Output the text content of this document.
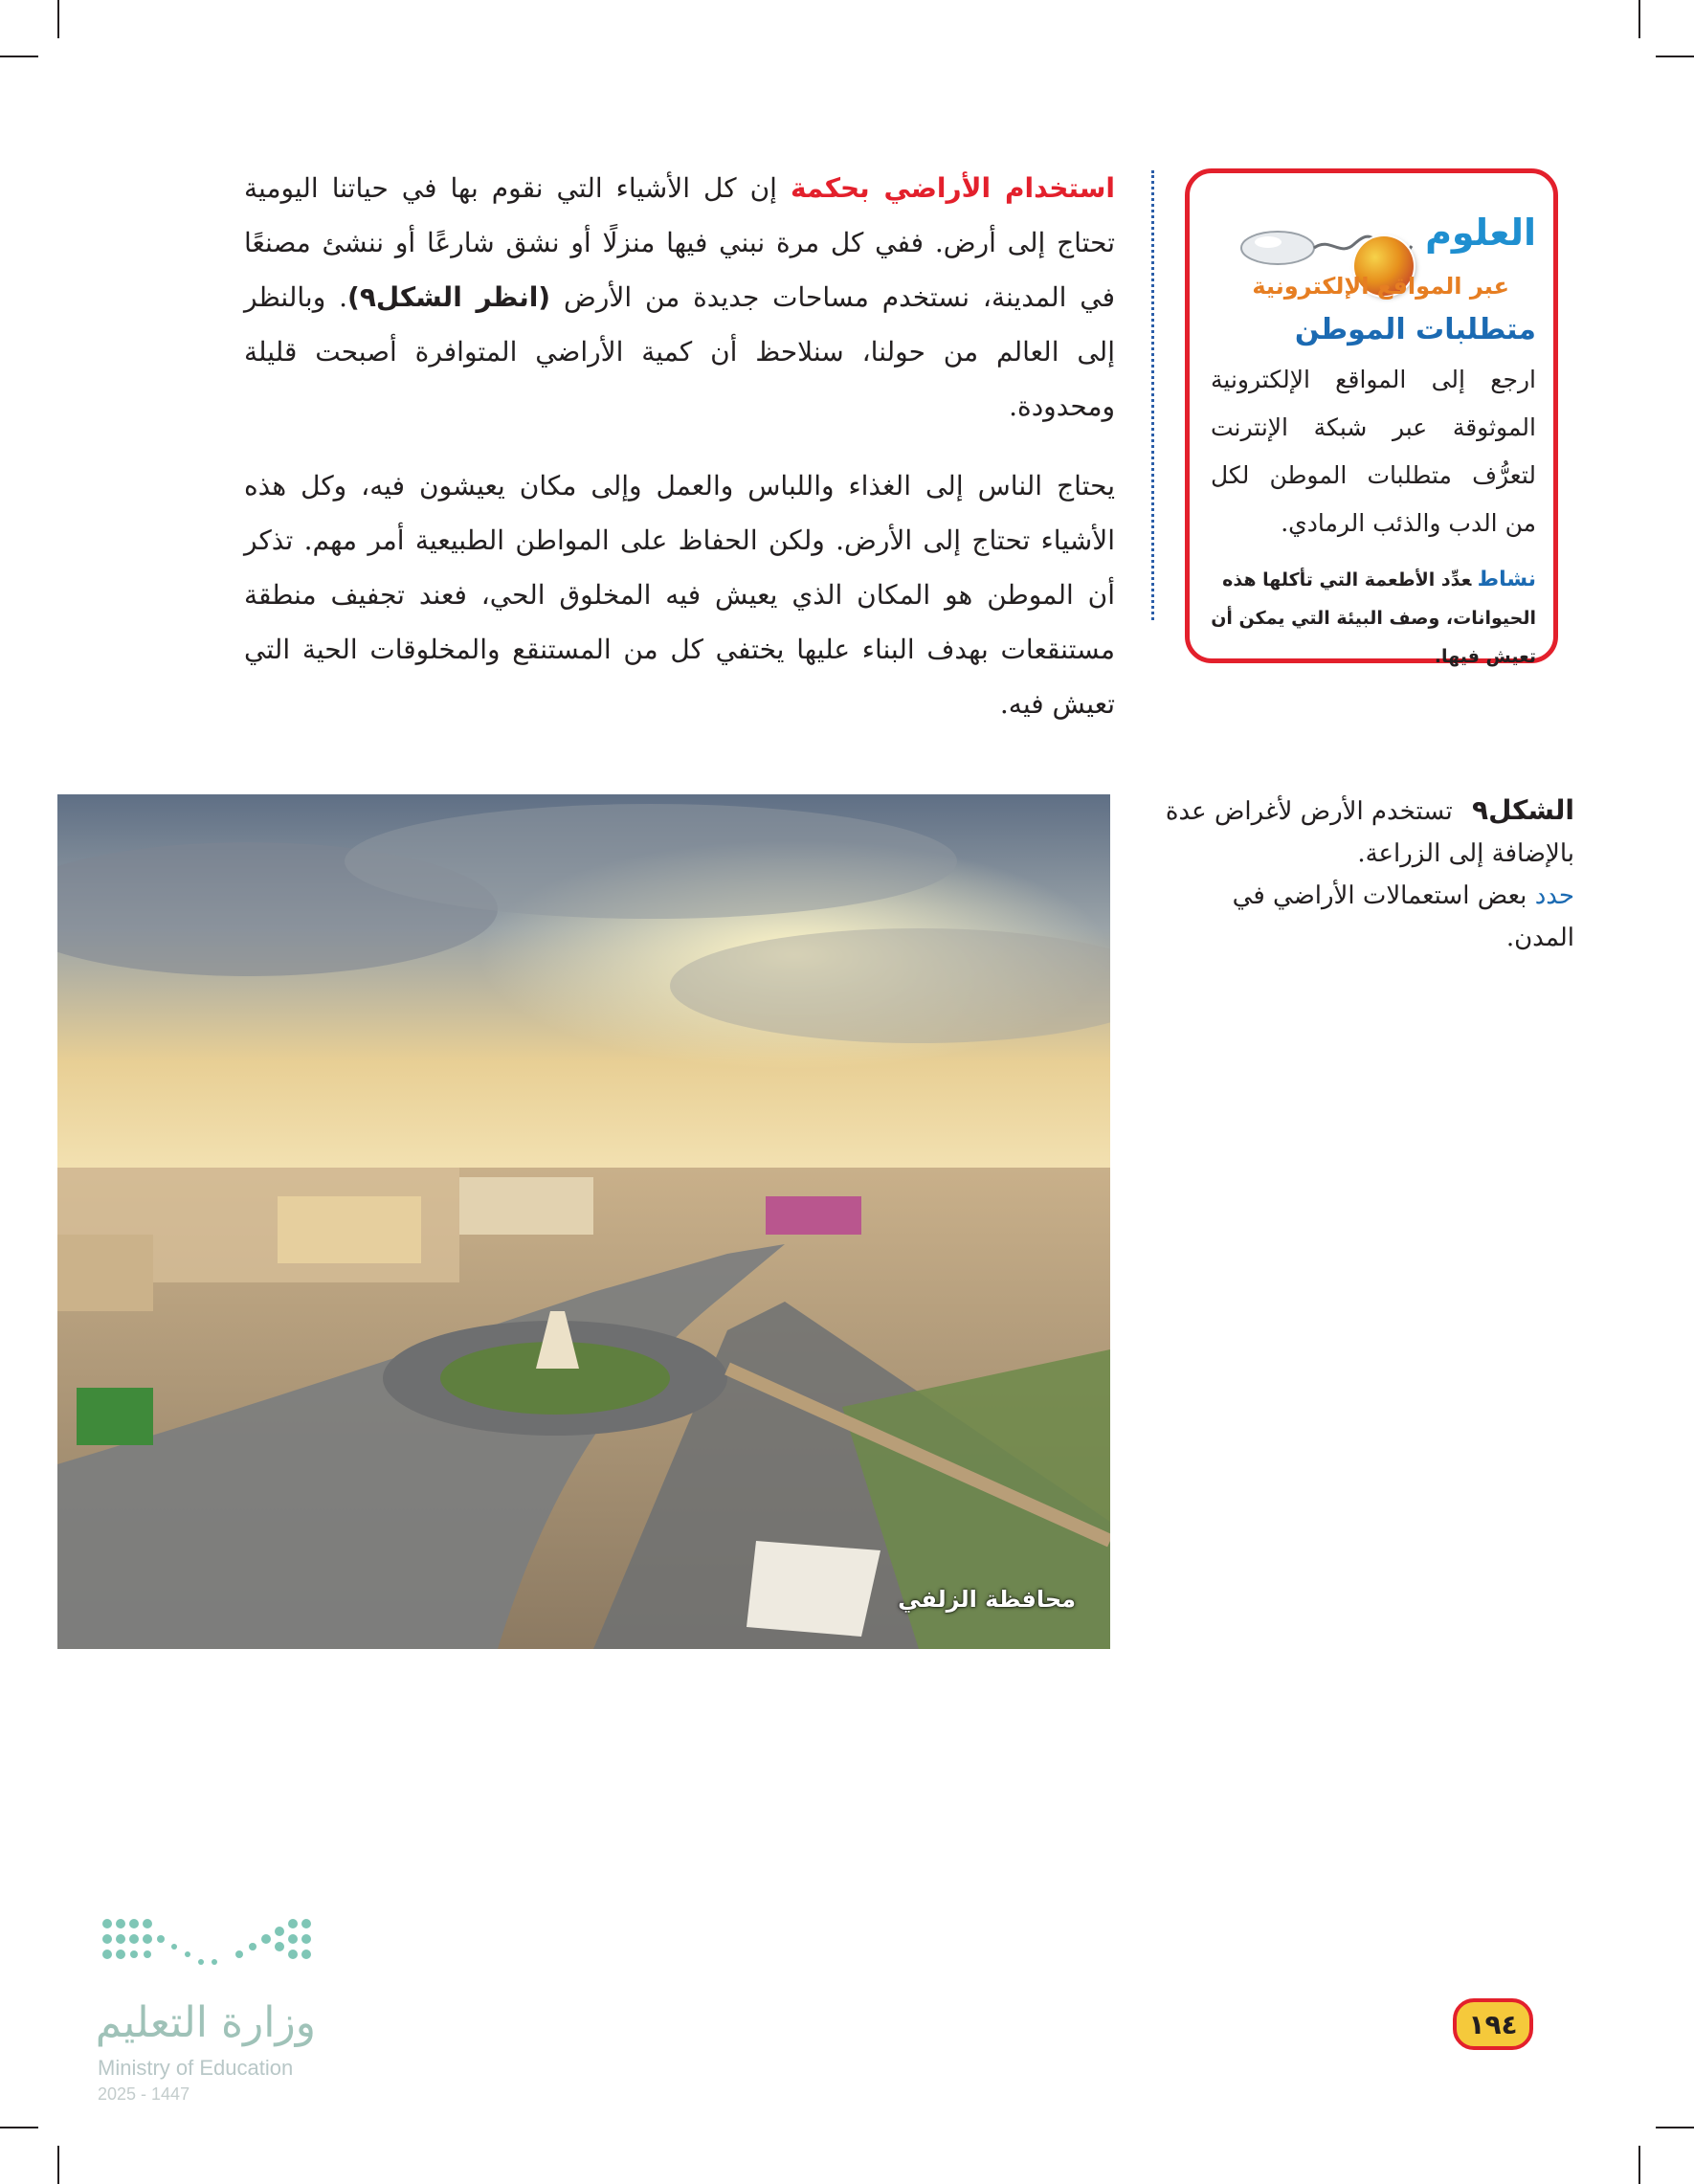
استخدام الأراضي بحكمة إن كل الأشياء التي نقوم بها في حياتنا اليومية تحتاج إلى أرض. ففي كل مرة نبني فيها منزلًا أو نشق شارعًا أو ننشئ مصنعًا في المدينة، نستخدم مساحات جديدة من الأرض (انظر الشكل٩). وبالنظر إلى العالم من حولنا، سنلاحظ أن كمية الأراضي المتوافرة أصبحت قليلة ومحدودة.

يحتاج الناس إلى الغذاء واللباس والعمل وإلى مكان يعيشون فيه، وكل هذه الأشياء تحتاج إلى الأرض. ولكن الحفاظ على المواطن الطبيعية أمر مهم. تذكر أن الموطن هو المكان الذي يعيش فيه المخلوق الحي، فعند تجفيف منطقة مستنقعات بهدف البناء عليها يختفي كل من المستنقع والمخلوقات الحية التي تعيش فيه.

العلوم
عبر المواقع الإلكترونية
متطلبات الموطن

ارجع إلى المواقع الإلكترونية الموثوقة عبر شبكة الإنترنت لتعرُّف متطلبات الموطن لكل من الدب والذئب الرمادي.

نشاطعدِّد الأطعمة التي تأكلها هذه الحيوانات، وصف البيئة التي يمكن أن تعيش فيها.
محافظة الزلفي
الشكل٩ تستخدم الأرض لأغراض عدة بالإضافة إلى الزراعة.
حدد بعض استعمالات الأراضي في المدن.
وزارة التعليم
Ministry of Education
2025 - 1447
١٩٤
